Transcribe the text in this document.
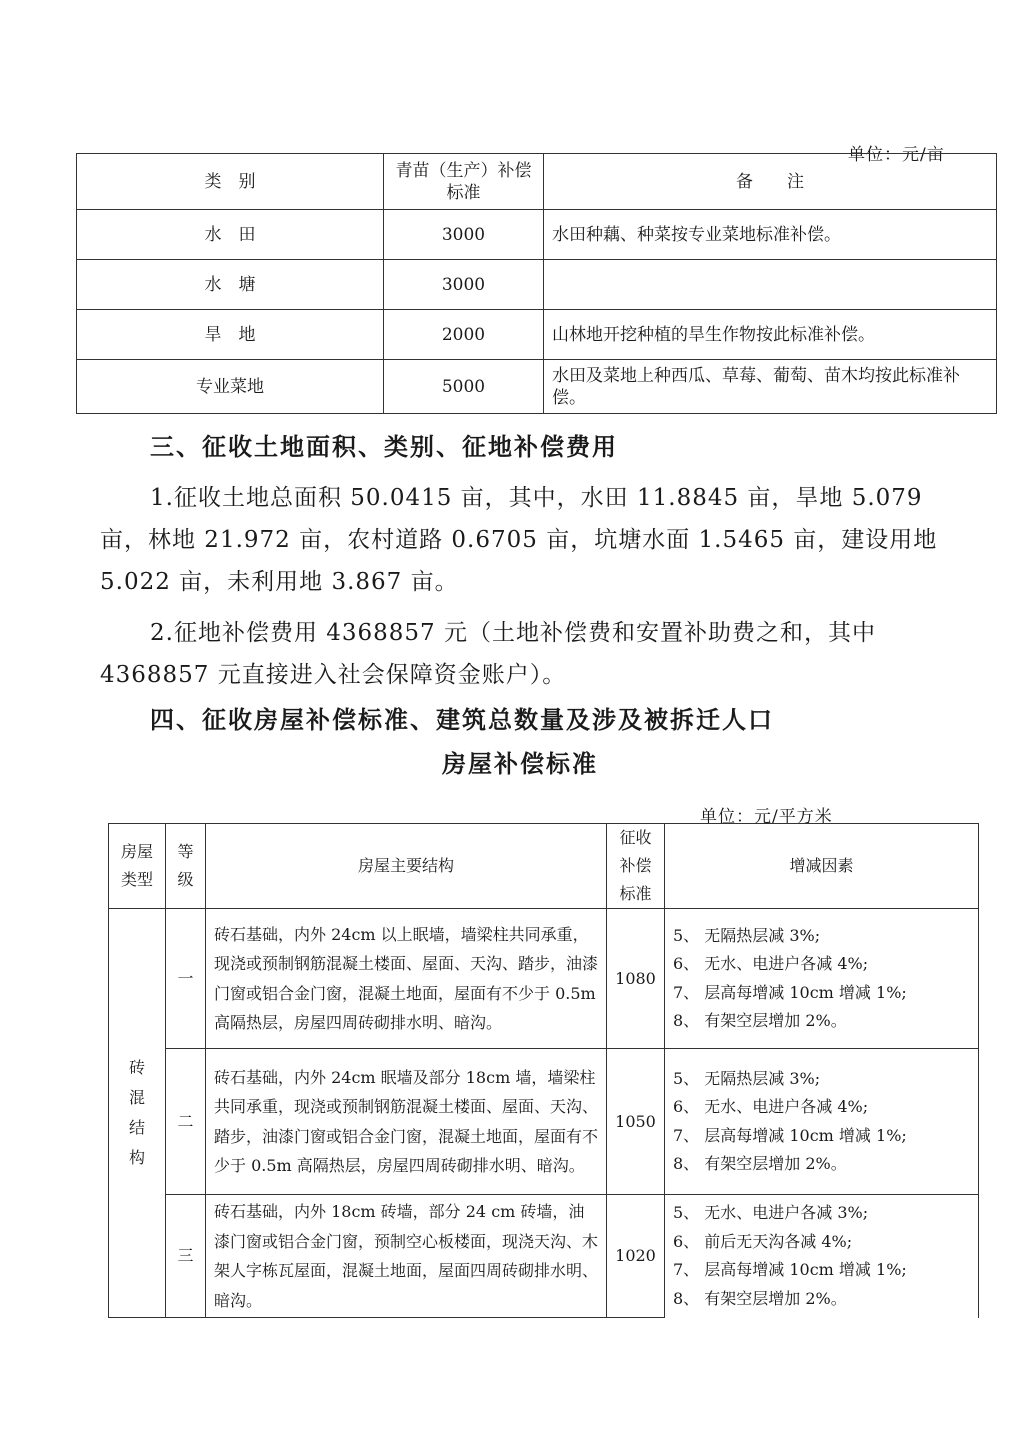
单位：元/亩
类　别	青苗（生产）补偿标准	备　　注
水　田	3000	水田种藕、种菜按专业菜地标准补偿。
水　塘	3000	
旱　地	2000	山林地开挖种植的旱生作物按此标准补偿。
专业菜地	5000	水田及菜地上种西瓜、草莓、葡萄、苗木均按此标准补偿。
三、征收土地面积、类别、征地补偿费用
1.征收土地总面积 50.0415 亩，其中，水田 11.8845 亩，旱地 5.079 亩，林地 21.972 亩，农村道路 0.6705 亩，坑塘水面 1.5465 亩，建设用地 5.022 亩，未利用地 3.867 亩。
2.征地补偿费用 4368857 元（土地补偿费和安置补助费之和，其中 4368857 元直接进入社会保障资金账户）。
四、征收房屋补偿标准、建筑总数量及涉及被拆迁人口
房屋补偿标准
单位：元/平方米
房屋类型	等级	房屋主要结构	征收补偿标准	增减因素
砖混结构	一	砖石基础，内外 24cm 以上眠墙，墙梁柱共同承重，现浇或预制钢筋混凝土楼面、屋面、天沟、踏步，油漆门窗或铝合金门窗，混凝土地面，屋面有不少于 0.5m 高隔热层，房屋四周砖砌排水明、暗沟。	1080	5、 无隔热层减 3%;
6、 无水、电进户各减 4%;
7、 层高每增减 10cm 增减 1%;
8、 有架空层增加 2%。

	二	砖石基础，内外 24cm 眠墙及部分 18cm 墙，墙梁柱共同承重，现浇或预制钢筋混凝土楼面、屋面、天沟、踏步，油漆门窗或铝合金门窗，混凝土地面，屋面有不少于 0.5m 高隔热层，房屋四周砖砌排水明、暗沟。	1050	5、 无隔热层减 3%;
6、 无水、电进户各减 4%;
7、 层高每增减 10cm 增减 1%;
8、 有架空层增加 2%。

	三	砖石基础，内外 18cm 砖墙，部分 24 cm 砖墙，油漆门窗或铝合金门窗，预制空心板楼面，现浇天沟、木架人字栋瓦屋面，混凝土地面，屋面四周砖砌排水明、暗沟。	1020	5、 无水、电进户各减 3%;
6、 前后无天沟各减 4%;
7、 层高每增减 10cm 增减 1%;
8、 有架空层增加 2%。
